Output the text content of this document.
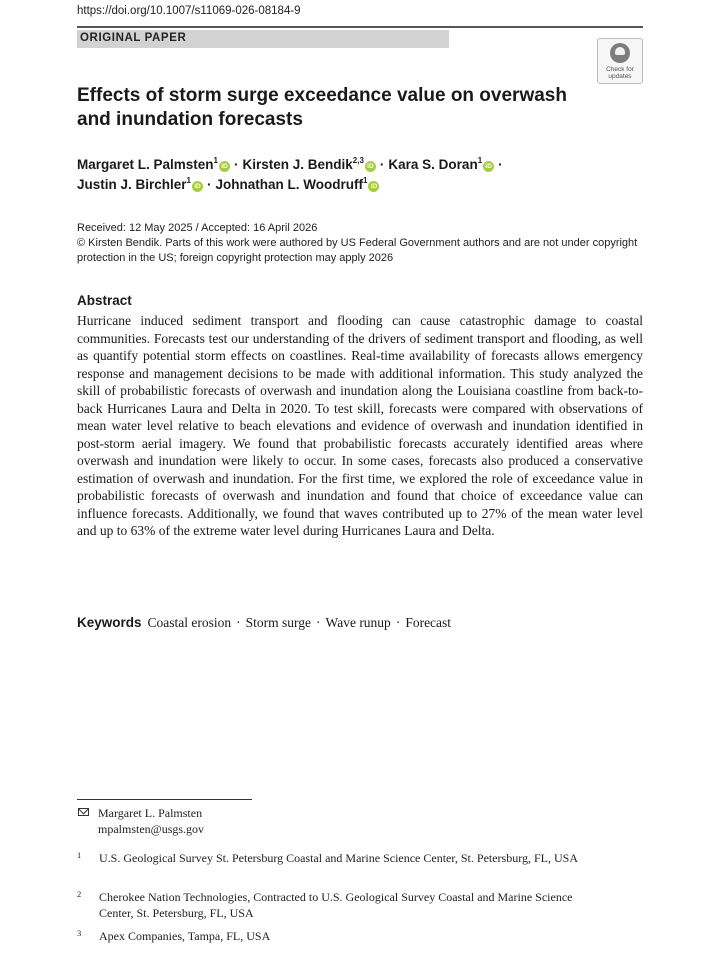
https://doi.org/10.1007/s11069-026-08184-9
ORIGINAL PAPER
Check for
updates
Effects of storm surge exceedance value on overwash and inundation forecasts
Margaret L. Palmsten$^1$iD · Kirsten J. Bendik$^{2,3}$iD · Kara S. Doran$^1$iD ·
Justin J. Birchler$^1$iD · Johnathan L. Woodruff$^1$iD
Received: 12 May 2025 / Accepted: 16 April 2026
© Kirsten Bendik. Parts of this work were authored by US Federal Government authors and are not under copyright protection in the US; foreign copyright protection may apply 2026
Abstract
Hurricane induced sediment transport and flooding can cause catastrophic damage to coastal communities. Forecasts test our understanding of the drivers of sediment transport and flooding, as well as quantify potential storm effects on coastlines. Real-time availability of forecasts allows emergency response and management decisions to be made with additional information. This study analyzed the skill of probabilistic forecasts of overwash and inundation along the Louisiana coastline from back-to-back Hurricanes Laura and Delta in 2020. To test skill, forecasts were compared with observations of mean water level relative to beach elevations and evidence of overwash and inundation identified in post-storm aerial imagery. We found that probabilistic forecasts accurately identified areas where overwash and inundation were likely to occur. In some cases, forecasts also produced a conservative estimation of overwash and inundation. For the first time, we explored the role of exceedance value in probabilistic forecasts of overwash and inundation and found that choice of exceedance value can influence forecasts. Additionally, we found that waves contributed up to 27% of the mean water level and up to 63% of the extreme water level during Hurricanes Laura and Delta.
Keywords Coastal erosion · Storm surge · Wave runup · Forecast
Margaret L. Palmsten
mpalmsten@usgs.gov
1 U.S. Geological Survey St. Petersburg Coastal and Marine Science Center, St. Petersburg, FL, USA
2 Cherokee Nation Technologies, Contracted to U.S. Geological Survey Coastal and Marine Science Center, St. Petersburg, FL, USA
3 Apex Companies, Tampa, FL, USA
